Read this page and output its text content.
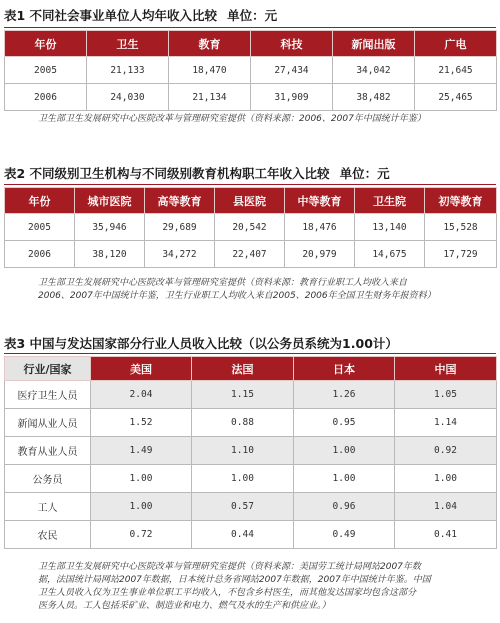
表1 不同社会事业单位人均年收入比较 单位：元
年份	卫生	教育	科技	新闻出版	广电
2005	21,133	18,470	27,434	34,042	21,645
2006	24,030	21,134	31,909	38,482	25,465
卫生部卫生发展研究中心医院改革与管理研究室提供（资料来源：2006、2007年中国统计年鉴）
表2 不同级别卫生机构与不同级别教育机构职工年收入比较 单位：元
年份	城市医院	高等教育	县医院	中等教育	卫生院	初等教育
2005	35,946	29,689	20,542	18,476	13,140	15,528
2006	38,120	34,272	22,407	20,979	14,675	17,729
卫生部卫生发展研究中心医院改革与管理研究室提供（资料来源：教育行业职工人均收入来自
2006、2007年中国统计年鉴，卫生行业职工人均收入来自2005、2006年全国卫生财务年报资料）
表3 中国与发达国家部分行业人员收入比较（以公务员系统为1.00计）
行业/国家	美国	法国	日本	中国
医疗卫生人员	2.04	1.15	1.26	1.05
新闻从业人员	1.52	0.88	0.95	1.14
教育从业人员	1.49	1.10	1.00	0.92
公务员	1.00	1.00	1.00	1.00
工人	1.00	0.57	0.96	1.04
农民	0.72	0.44	0.49	0.41
卫生部卫生发展研究中心医院改革与管理研究室提供（资料来源：美国劳工统计局网站2007年数
据，法国统计局网站2007年数据，日本统计总务省网站2007年数据，2007年中国统计年鉴。中国
卫生人员收入仅为卫生事业单位职工平均收入，不包含乡村医生，而其他发达国家均包含这部分
医务人员。工人包括采矿业、制造业和电力、燃气及水的生产和供应业。）
